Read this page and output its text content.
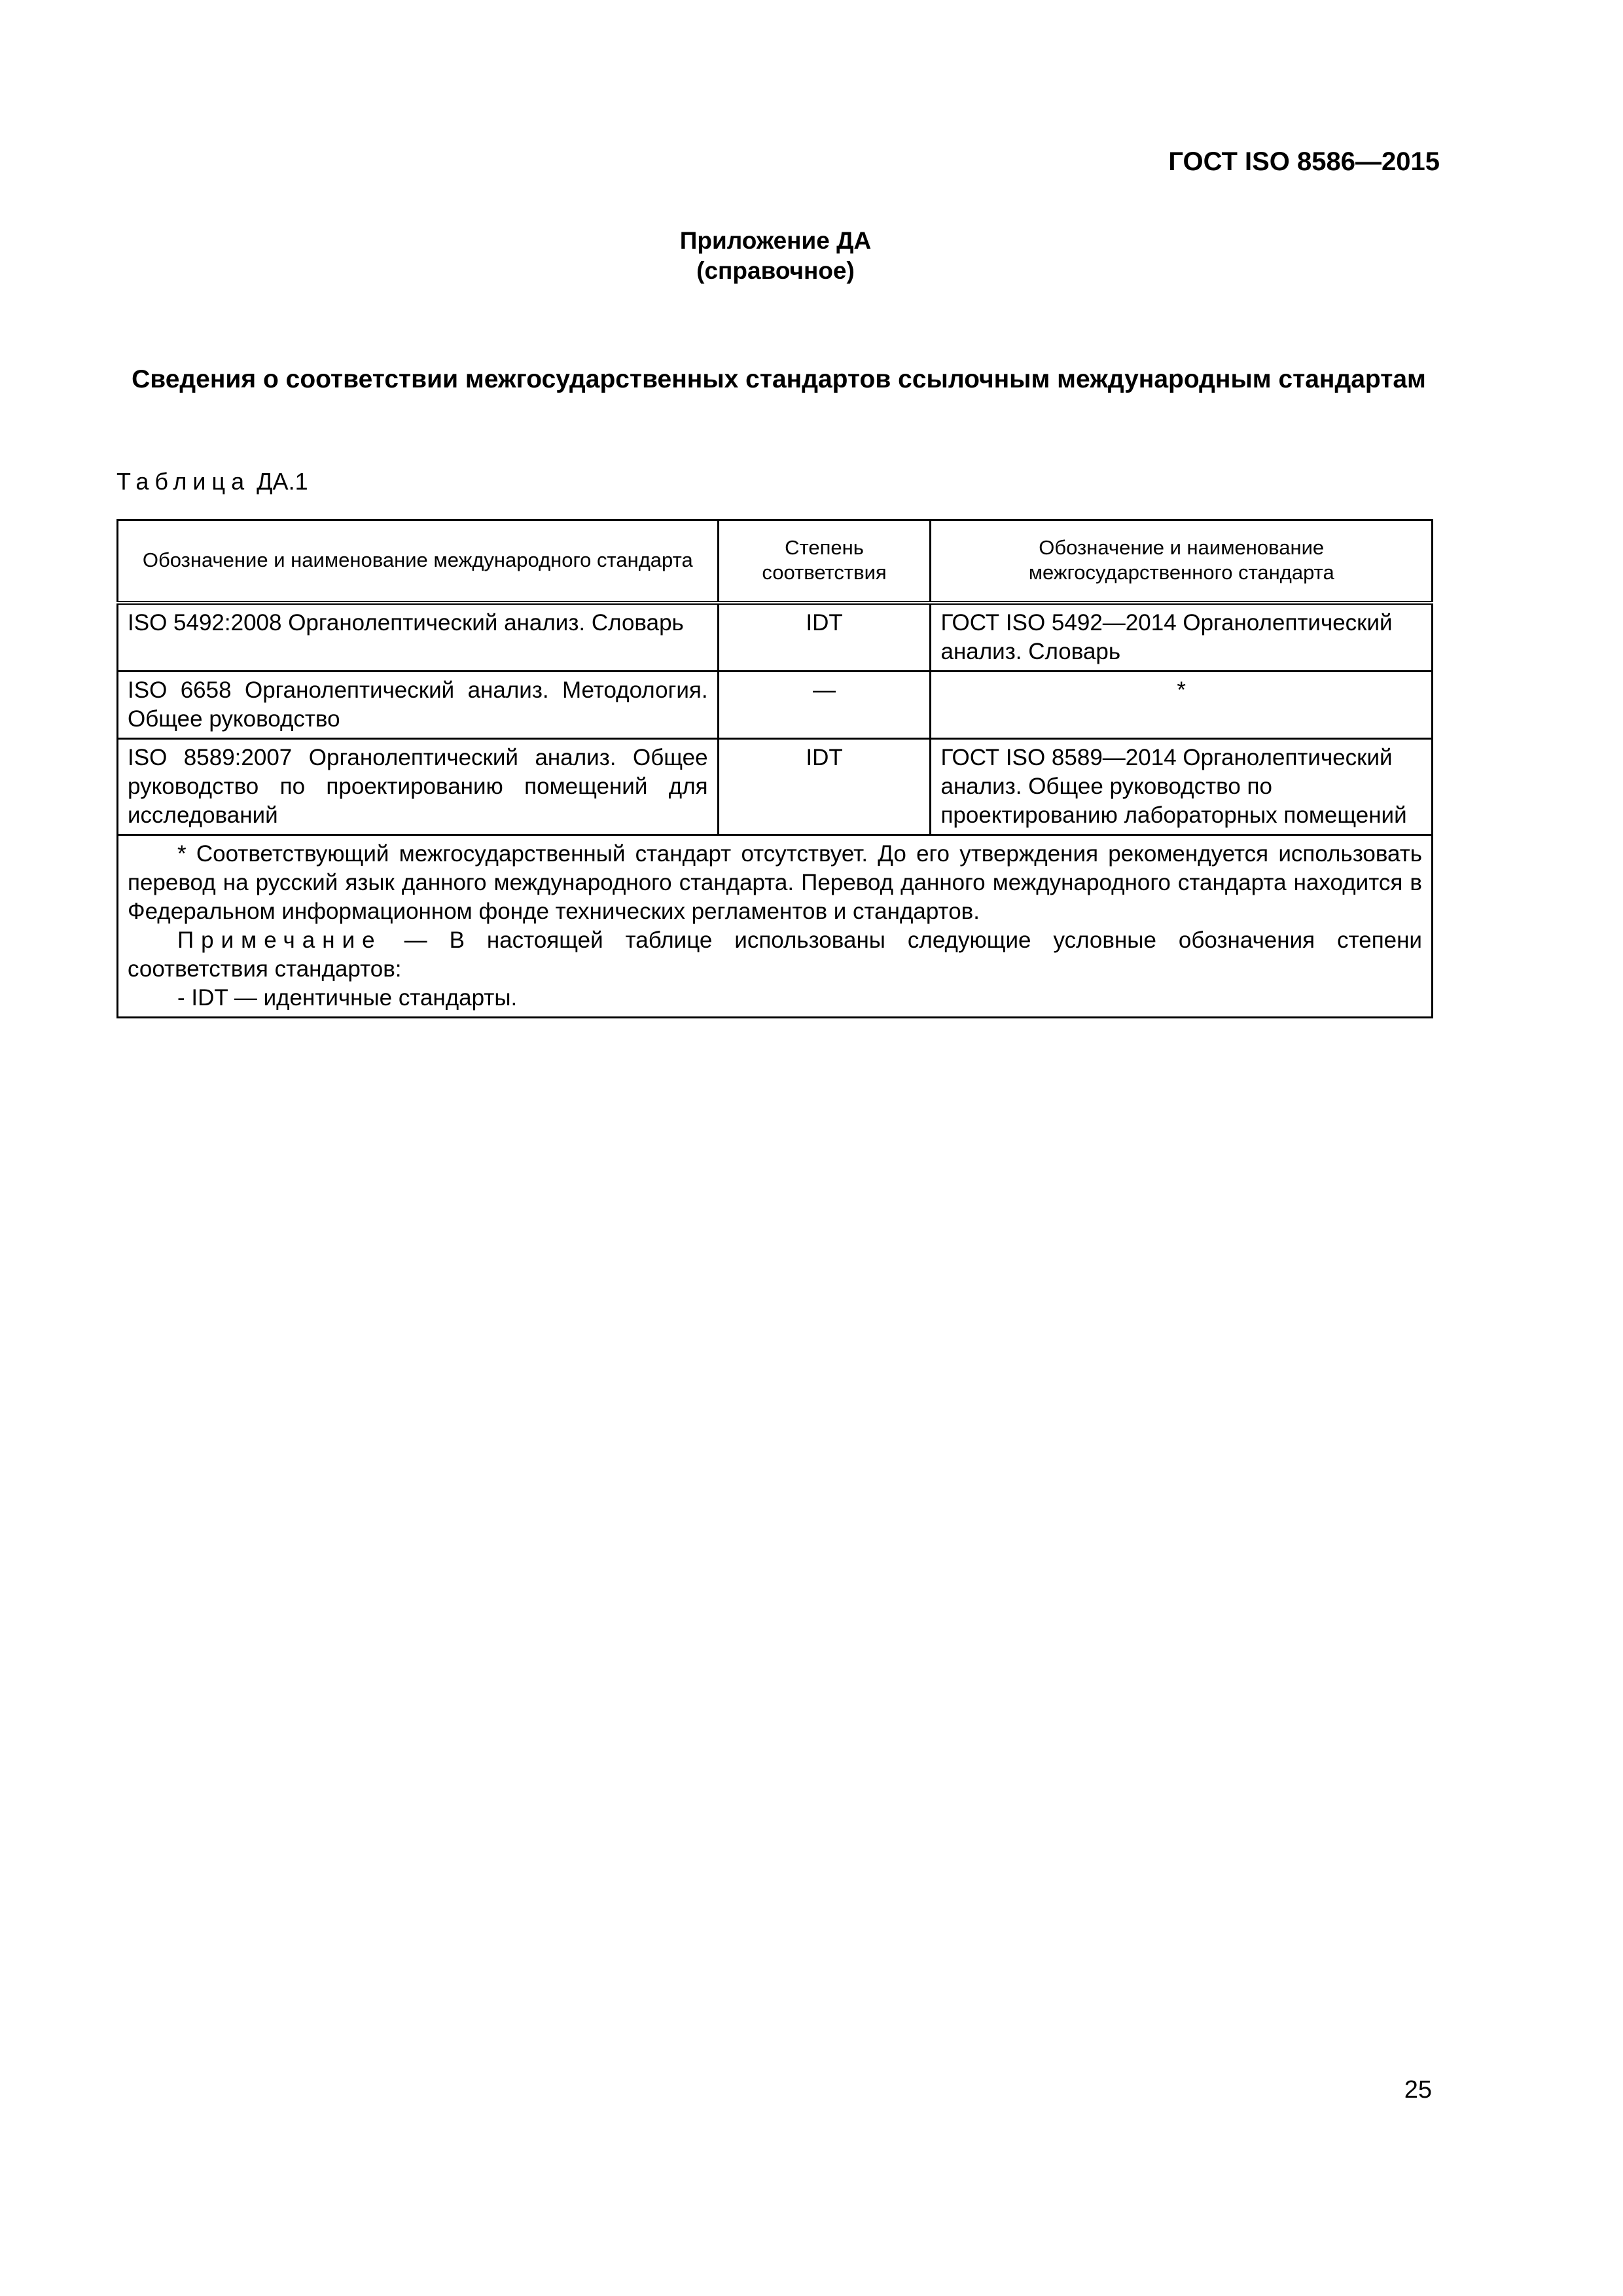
ГОСТ ISO 8586—2015
Приложение ДА
(справочное)
Сведения о соответствии межгосударственных стандартов ссылочным международным стандартам
Таблица ДА.1
Обозначение и наименование международного стандарта	Степень соответствия	Обозначение и наименование межгосударственного стандарта
ISO 5492:2008 Органолептический анализ. Словарь	IDT	ГОСТ ISO 5492—2014 Органолептический анализ. Словарь
ISO 6658 Органолептический анализ. Методология. Общее руководство	—	*
ISO 8589:2007 Органолептический анализ. Общее руководство по проектированию помещений для исследований	IDT	ГОСТ ISO 8589—2014 Органолептический анализ. Общее руководство по проектированию лабораторных помещений

* Соответствующий межгосударственный стандарт отсутствует. До его утверждения рекомендуется использовать перевод на русский язык данного международного стандарта. Перевод данного международного стандарта находится в Федеральном информационном фонде технических регламентов и стандартов.

Примечание — В настоящей таблице использованы следующие условные обозначения степени соответствия стандартов:

- IDT — идентичные стандарты.		

25
